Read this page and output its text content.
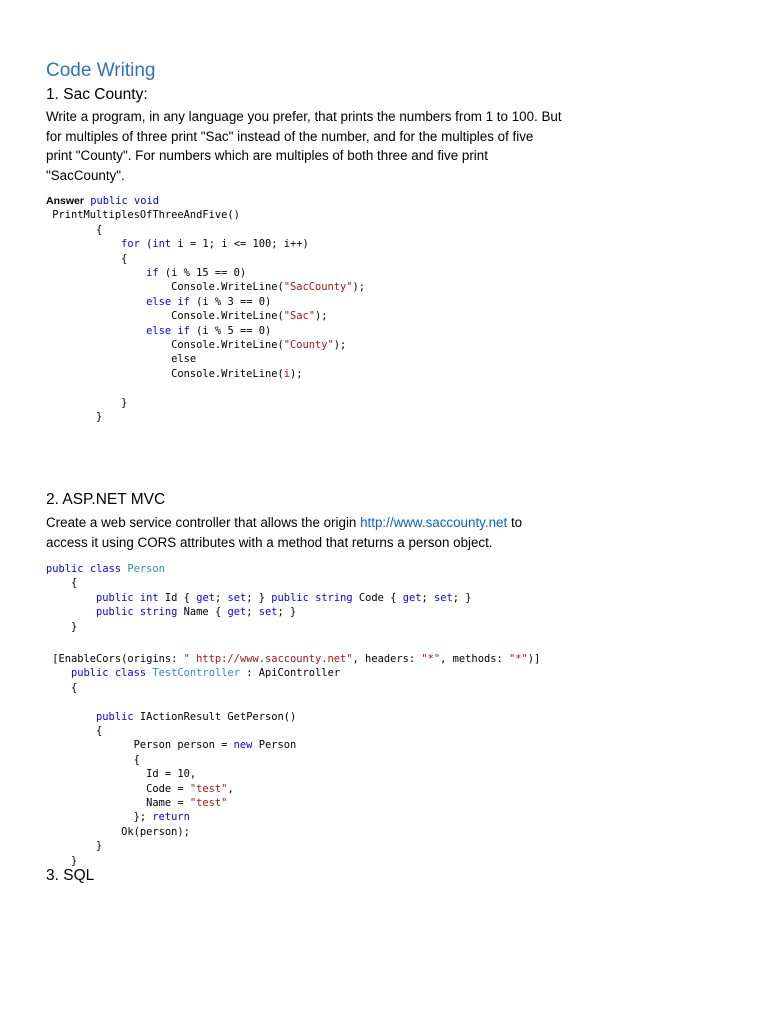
Code Writing
1. Sac County:

Write a program, in any language you prefer, that prints the numbers from 1 to 100. But

for multiples of three print "Sac" instead of the number, and for the multiples of five

print "County". For numbers which are multiples of both three and five print

"SacCounty".

Answer public void
PrintMultiplesOfThreeAndFive()
{
for (int i = 1; i <= 100; i++)
{
if (i % 15 == 0)
Console.WriteLine("SacCounty");
else if (i % 3 == 0)
Console.WriteLine("Sac");
else if (i % 5 == 0)
Console.WriteLine("County");
else
Console.WriteLine(i);

}
}
2. ASP.NET MVC

Create a web service controller that allows the origin http://www.saccounty.net to

access it using CORS attributes with a method that returns a person object.

public class Person
{
public int Id { get; set; } public string Code { get; set; }
public string Name { get; set; }
}
[EnableCors(origins: " http://www.saccounty.net", headers: "*", methods: "*")]
public class TestController : ApiController
{

public IActionResult GetPerson()
{
Person person = new Person
{
Id = 10,
Code = "test",
Name = "test"
}; return
Ok(person);
}
}
3. SQL
